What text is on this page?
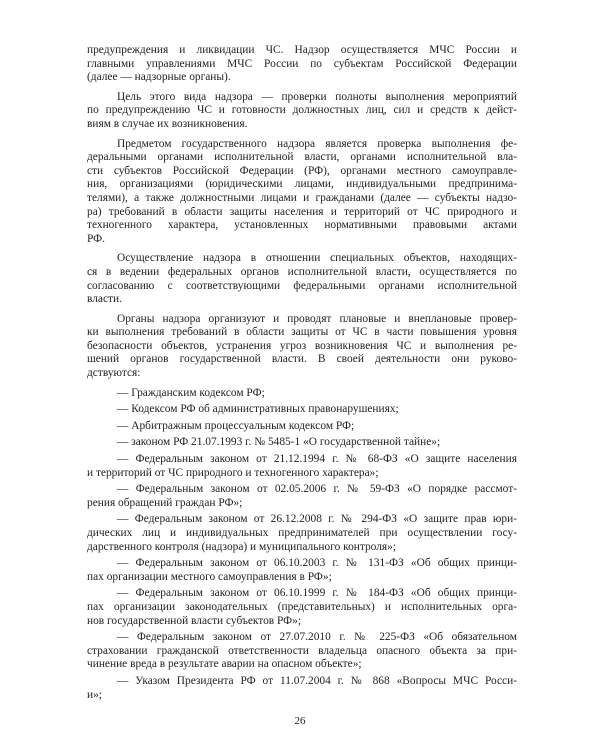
предупреждения и ликвидации ЧС. Надзор осуществляется МЧС России и
главными управлениями МЧС России по субъектам Российской Федерации
(далее — надзорные органы).
Цель этого вида надзора — проверки полноты выполнения мероприятий
по предупреждению ЧС и готовности должностных лиц, сил и средств к дейст-
виям в случае их возникновения.
Предметом государственного надзора является проверка выполнения фе-
деральными органами исполнительной власти, органами исполнительной вла-
сти субъектов Российской Федерации (РФ), органами местного самоуправле-
ния, организациями (юридическими лицами, индивидуальными предпринима-
телями), а также должностными лицами и гражданами (далее — субъекты надзо-
ра) требований в области защиты населения и территорий от ЧС природного и
техногенного характера, установленных нормативными правовыми актами
РФ.
Осуществление надзора в отношении специальных объектов, находящих-
ся в ведении федеральных органов исполнительной власти, осуществляется по
согласованию с соответствующими федеральными органами исполнительной
власти.
Органы надзора организуют и проводят плановые и внеплановые провер-
ки выполнения требований в области защиты от ЧС в части повышения уровня
безопасности объектов, устранения угроз возникновения ЧС и выполнения ре-
шений органов государственной власти. В своей деятельности они руково-
дствуются:
— Гражданским кодексом РФ;
— Кодексом РФ об административных правонарушениях;
— Арбитражным процессуальным кодексом РФ;
— законом РФ 21.07.1993 г. № 5485-1 «О государственной тайне»;
— Федеральным законом от 21.12.1994 г. № 68-ФЗ «О защите населения
и территорий от ЧС природного и техногенного характера»;
— Федеральным законом от 02.05.2006 г. № 59-ФЗ «О порядке рассмот-
рения обращений граждан РФ»;
— Федеральным законом от 26.12.2008 г. № 294-ФЗ «О защите прав юри-
дических лиц и индивидуальных предпринимателей при осуществлении госу-
дарственного контроля (надзора) и муниципального контроля»;
— Федеральным законом от 06.10.2003 г. № 131-ФЗ «Об общих принци-
пах организации местного самоуправления в РФ»;
— Федеральным законом от 06.10.1999 г. № 184-ФЗ «Об общих принци-
пах организации законодательных (представительных) и исполнительных орга-
нов государственной власти субъектов РФ»;
— Федеральным законом от 27.07.2010 г. № 225-ФЗ «Об обязательном
страховании гражданской ответственности владельца опасного объекта за при-
чинение вреда в результате аварии на опасном объекте»;
— Указом Президента РФ от 11.07.2004 г. № 868 «Вопросы МЧС Росси-
и»;
26
